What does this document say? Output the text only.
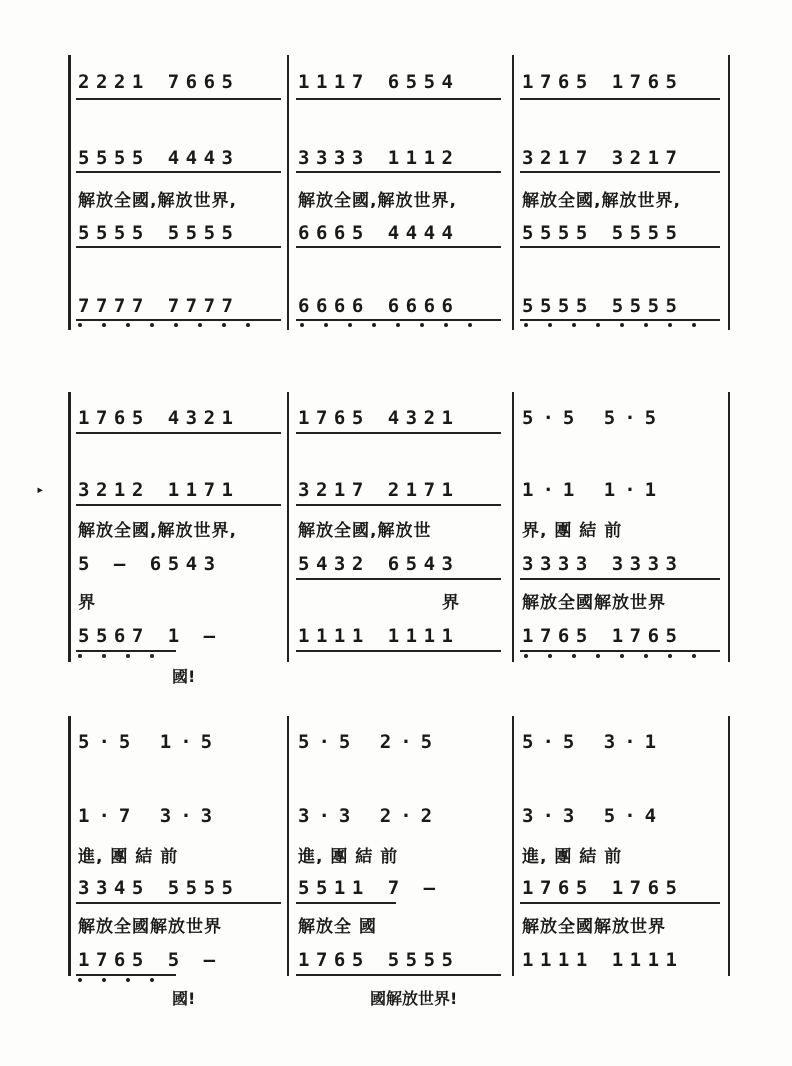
2221 7665	1117 6554	1765 1765
5555 4443	3333 1112	3217 3217
解放全國,解放世界,	解放全國,解放世界,	解放全國,解放世界,
5555 5555	6665 4444	5555 5555
7777 7777	6666 6666	5555 5555
▸
1765 4321	1765 4321	5·5 5·5
3212 1171	3217 2171	1·1 1·1
解放全國,解放世界,	解放全國,解放世	界, 團 結 前
5 — 6543	5432 6543	3333 3333
界	界	解放全國解放世界
5567 1 —	1111 1111	1765 1765
國!
5·5 1·5	5·5 2·5	5·5 3·1
1·7 3·3	3·3 2·2	3·3 5·4
進, 團 結 前	進, 團 結 前	進, 團 結 前
3345 5555	5511 7 —	1765 1765
解放全國解放世界	解放全 國	解放全國解放世界
1765 5 —	1765 5555	1111 1111
國!	國解放世界!
